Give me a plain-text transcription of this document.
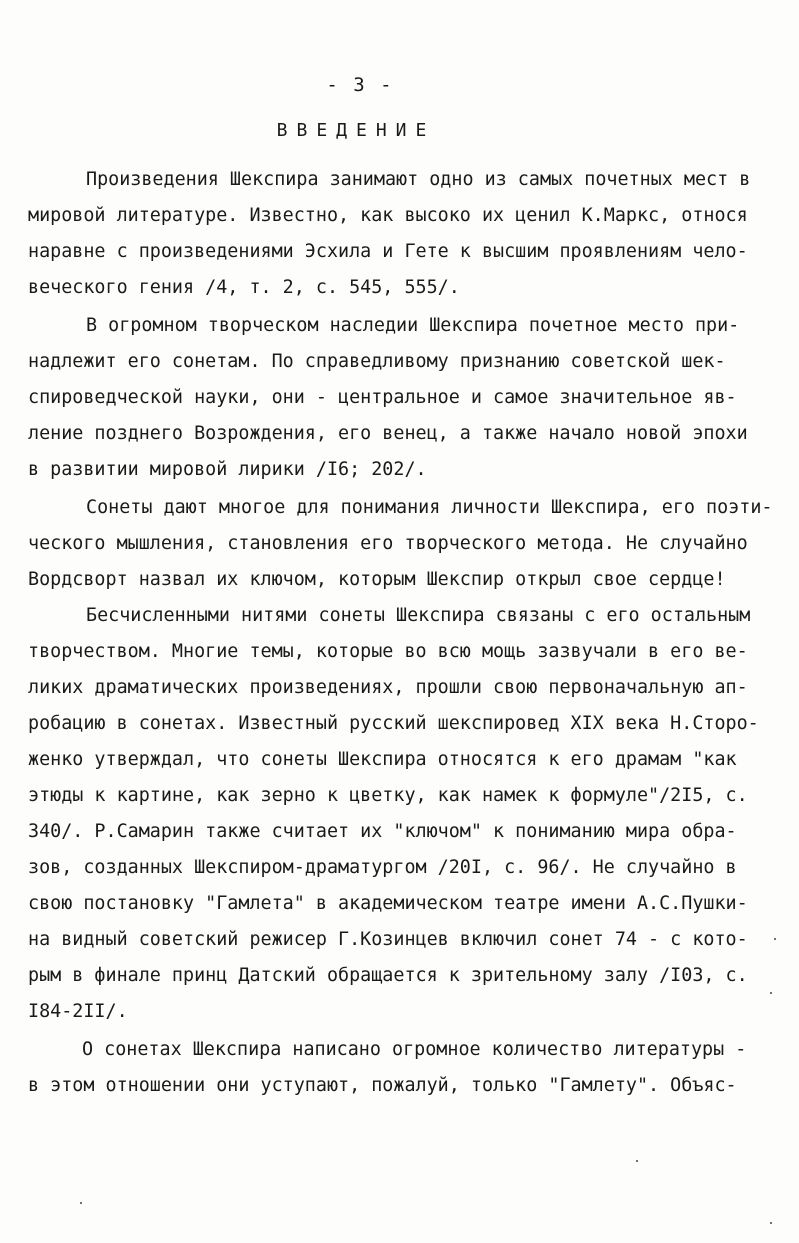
- 3 -
ВВЕДЕНИЕ
Произведения Шекспира занимают одно из самых почетных мест в
мировой литературе. Известно, как высоко их ценил К.Маркс, относя
наравне с произведениями Эсхила и Гете к высшим проявлениям чело-
веческого гения /4, т. 2, с. 545, 555/.
В огромном творческом наследии Шекспира почетное место при-
надлежит его сонетам. По справедливому признанию советской шек-
спироведческой науки, они - центральное и самое значительное яв-
ление позднего Возрождения, его венец, а также начало новой эпохи
в развитии мировой лирики /I6; 202/.
Сонеты дают многое для понимания личности Шекспира, его поэти-
ческого мышления, становления его творческого метода. Не случайно
Вордсворт назвал их ключом, которым Шекспир открыл свое сердце!
Бесчисленными нитями сонеты Шекспира связаны с его остальным
творчеством. Многие темы, которые во всю мощь зазвучали в его ве-
ликих драматических произведениях, прошли свою первоначальную ап-
робацию в сонетах. Известный русский шекспировед XIX века Н.Сторо-
женко утверждал, что сонеты Шекспира относятся к его драмам "как
этюды к картине, как зерно к цветку, как намек к формуле"/2I5, с.
340/. Р.Самарин также считает их "ключом" к пониманию мира обра-
зов, созданных Шекспиром-драматургом /20I, с. 96/. Не случайно в
свою постановку "Гамлета" в академическом театре имени А.С.Пушки-
на видный советский режисер Г.Козинцев включил сонет 74 - с кото-
рым в финале принц Датский обращается к зрительному залу /I03, с.
I84-2II/.
О сонетах Шекспира написано огромное количество литературы -
в этом отношении они уступают, пожалуй, только "Гамлету". Объяс-
